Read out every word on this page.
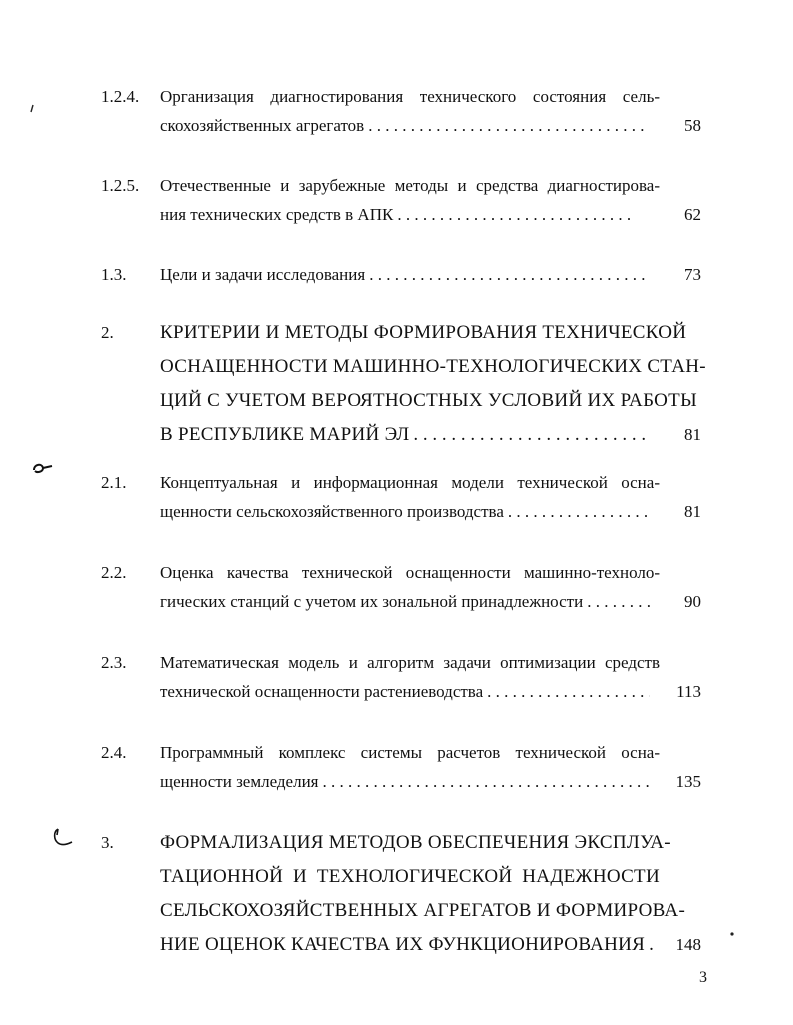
1.2.4. Организация диагностирования технического состояния сель-
скохозяйственных агрегатов . . .	58
1.2.5. Отечественные и зарубежные методы и средства диагностирова-
ния технических средств в АПК . . .	62
1.3. Цели и задачи исследования . . .	73
2. КРИТЕРИИ И МЕТОДЫ ФОРМИРОВАНИЯ ТЕХНИЧЕСКОЙ
ОСНАЩЕННОСТИ МАШИННО-ТЕХНОЛОГИЧЕСКИХ СТАН-
ЦИЙ С УЧЕТОМ ВЕРОЯТНОСТНЫХ УСЛОВИЙ ИХ РАБОТЫ
В РЕСПУБЛИКЕ МАРИЙ ЭЛ . . .	81
2.1. Концептуальная и информационная модели технической осна-
щенности сельскохозяйственного производства . . .	81
2.2. Оценка качества технической оснащенности машинно-техноло-
гических станций с учетом их зональной принадлежности . . .	90
2.3. Математическая модель и алгоритм задачи оптимизации средств
технической оснащенности растениеводства . . .	113
2.4. Программный комплекс системы расчетов технической осна-
щенности земледелия . . .	135
3. ФОРМАЛИЗАЦИЯ МЕТОДОВ ОБЕСПЕЧЕНИЯ ЭКСПЛУА-
ТАЦИОННОЙ И ТЕХНОЛОГИЧЕСКОЙ НАДЕЖНОСТИ
СЕЛЬСКОХОЗЯЙСТВЕННЫХ АГРЕГАТОВ И ФОРМИРОВА-
НИЕ ОЦЕНОК КАЧЕСТВА ИХ ФУНКЦИОНИРОВАНИЯ . . .	148
3
